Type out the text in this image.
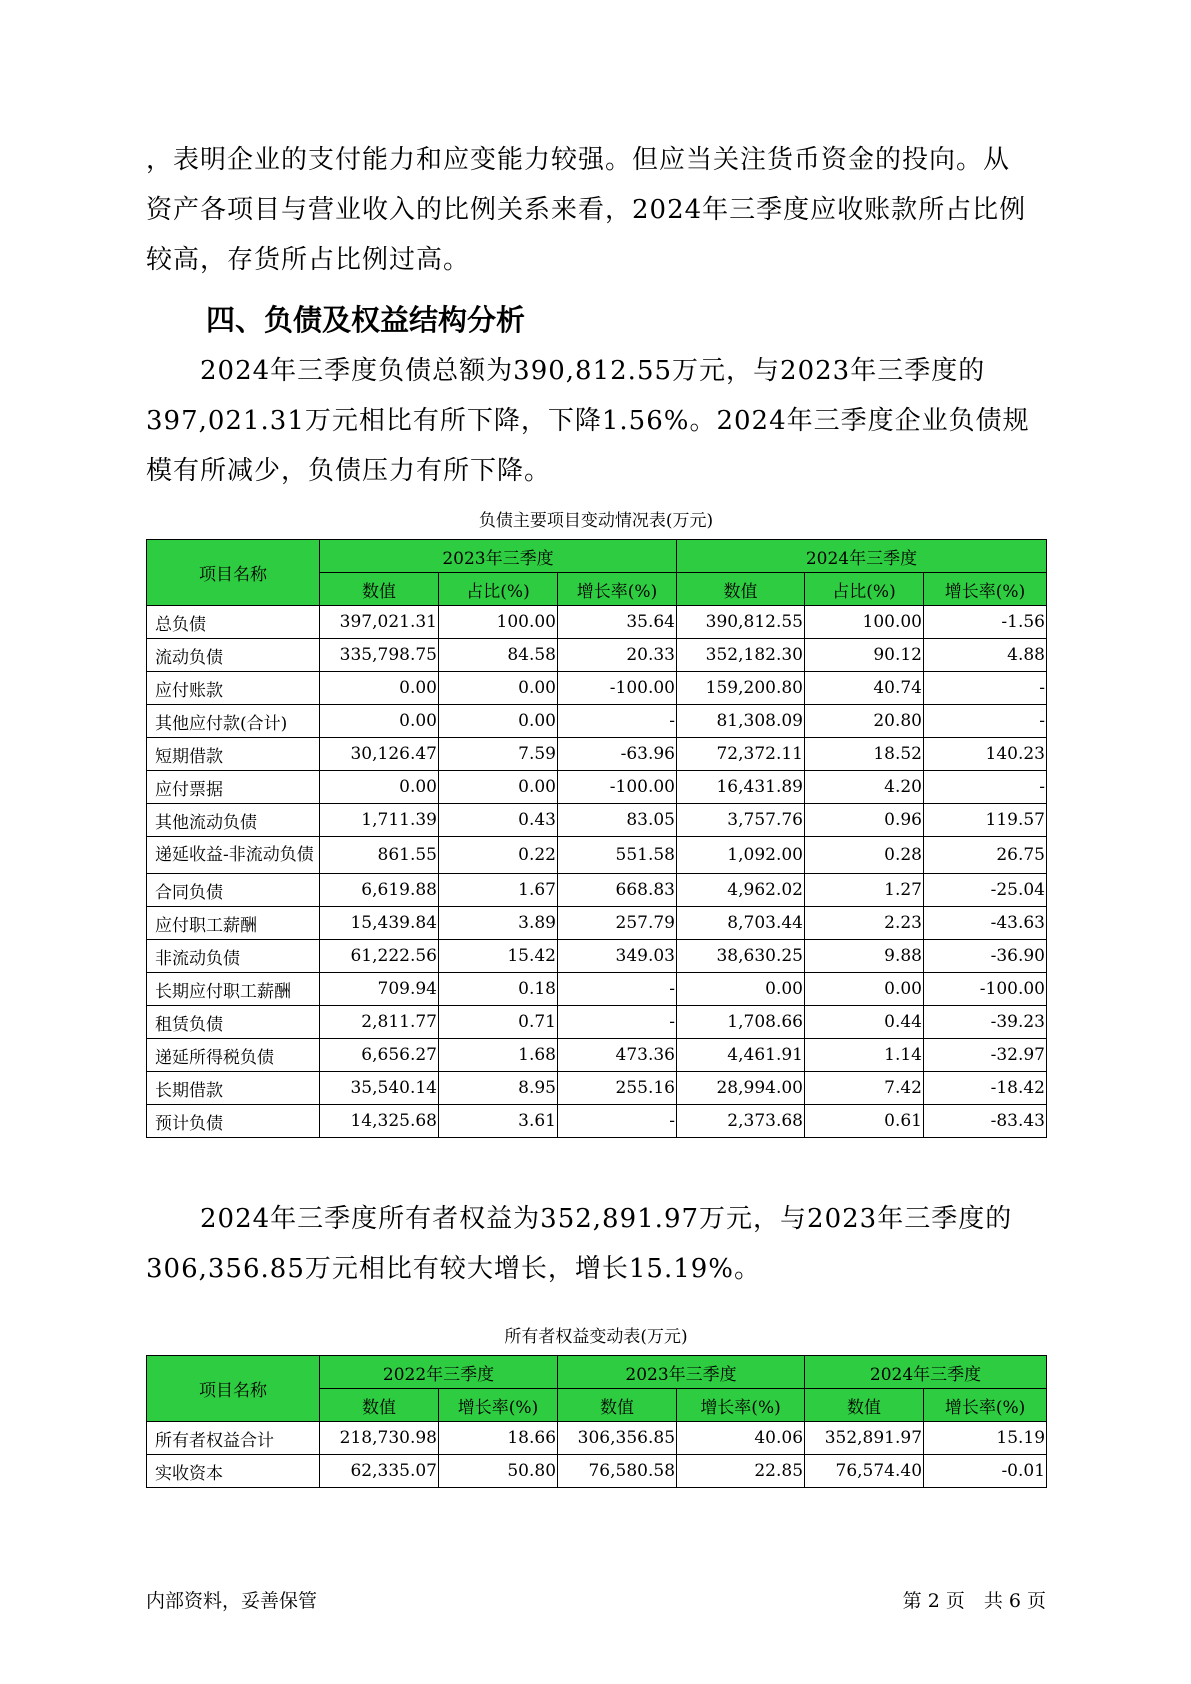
，表明企业的支付能力和应变能力较强。但应当关注货币资金的投向。从

资产各项目与营业收入的比例关系来看，2024年三季度应收账款所占比例

较高，存货所占比例过高。

四、负债及权益结构分析

2024年三季度负债总额为390,812.55万元，与2023年三季度的397,021.31万元相比有所下降，下降1.56%。2024年三季度企业负债规模有所减少，负债压力有所下降。

负债主要项目变动情况表(万元)

项目名称	2023年三季度			2024年三季度		
	数值	占比(%)	增长率(%)	数值	占比(%)	增长率(%)
总负债	397,021.31	100.00	35.64	390,812.55	100.00	-1.56
流动负债	335,798.75	84.58	20.33	352,182.30	90.12	4.88
应付账款	0.00	0.00	-100.00	159,200.80	40.74	-
其他应付款(合计)	0.00	0.00	-	81,308.09	20.80	-
短期借款	30,126.47	7.59	-63.96	72,372.11	18.52	140.23
应付票据	0.00	0.00	-100.00	16,431.89	4.20	-
其他流动负债	1,711.39	0.43	83.05	3,757.76	0.96	119.57
递延收益-非流动负债	861.55	0.22	551.58	1,092.00	0.28	26.75
合同负债	6,619.88	1.67	668.83	4,962.02	1.27	-25.04
应付职工薪酬	15,439.84	3.89	257.79	8,703.44	2.23	-43.63
非流动负债	61,222.56	15.42	349.03	38,630.25	9.88	-36.90
长期应付职工薪酬	709.94	0.18	-	0.00	0.00	-100.00
租赁负债	2,811.77	0.71	-	1,708.66	0.44	-39.23
递延所得税负债	6,656.27	1.68	473.36	4,461.91	1.14	-32.97
长期借款	35,540.14	8.95	255.16	28,994.00	7.42	-18.42
预计负债	14,325.68	3.61	-	2,373.68	0.61	-83.43

2024年三季度所有者权益为352,891.97万元，与2023年三季度的306,356.85万元相比有较大增长，增长15.19%。

所有者权益变动表(万元)

项目名称	2022年三季度		2023年三季度		2024年三季度	
	数值	增长率(%)	数值	增长率(%)	数值	增长率(%)
所有者权益合计	218,730.98	18.66	306,356.85	40.06	352,891.97	15.19
实收资本	62,335.07	50.80	76,580.58	22.85	76,574.40	-0.01

内部资料，妥善保管	第 2 页　共 6 页
